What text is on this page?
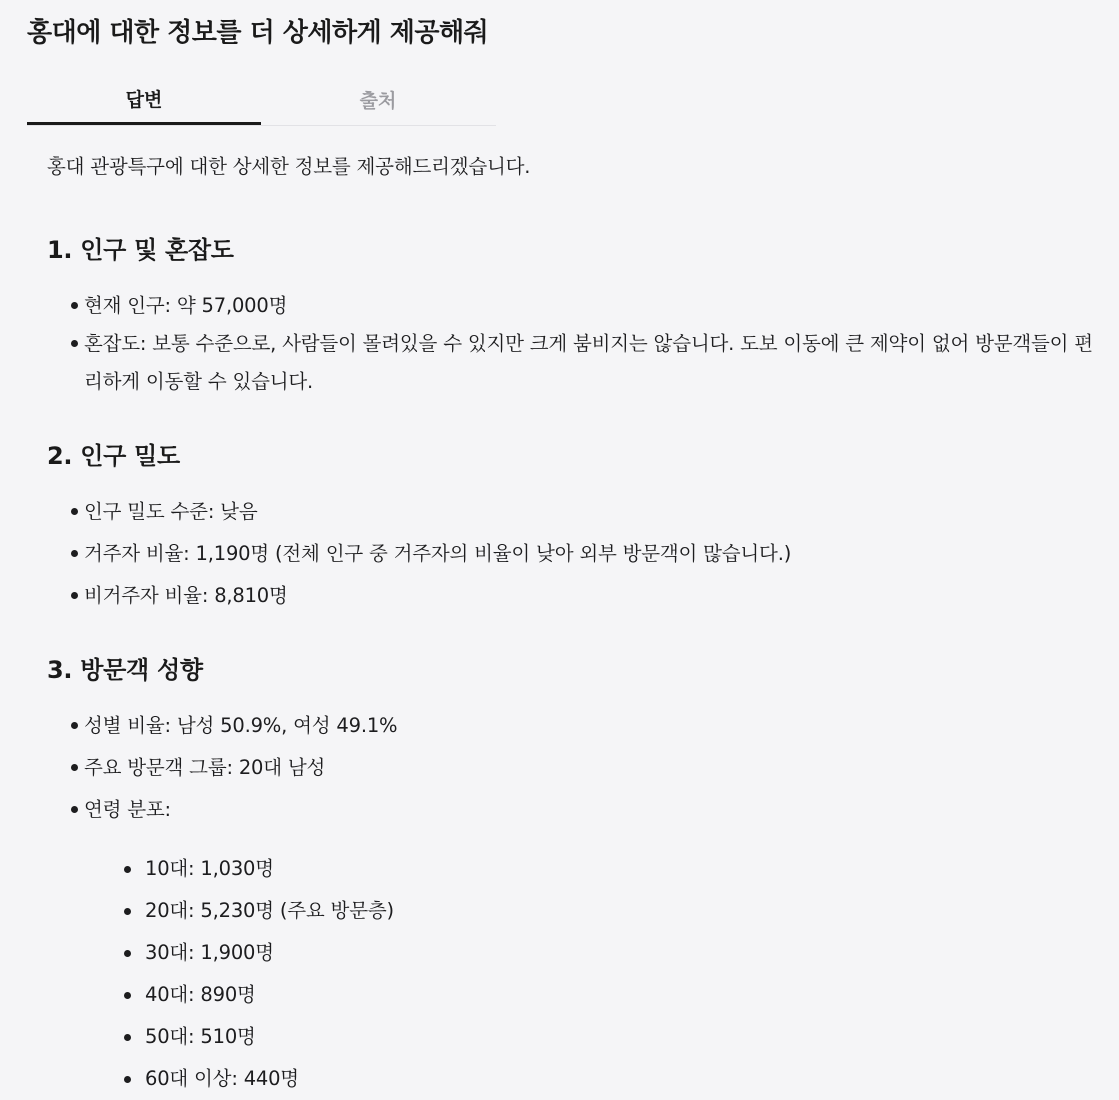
홍대에 대한 정보를 더 상세하게 제공해줘
답변	출처

홍대 관광특구에 대한 상세한 정보를 제공해드리겠습니다.

1. 인구 및 혼잡도
현재 인구: 약 57,000명
혼잡도: 보통 수준으로, 사람들이 몰려있을 수 있지만 크게 붐비지는 않습니다. 도보 이동에 큰 제약이 없어 방문객들이 편리하게 이동할 수 있습니다.
2. 인구 밀도
인구 밀도 수준: 낮음
거주자 비율: 1,190명 (전체 인구 중 거주자의 비율이 낮아 외부 방문객이 많습니다.)
비거주자 비율: 8,810명
3. 방문객 성향
성별 비율: 남성 50.9%, 여성 49.1%
주요 방문객 그룹: 20대 남성
연령 분포:
10대: 1,030명
20대: 5,230명 (주요 방문층)
30대: 1,900명
40대: 890명
50대: 510명
60대 이상: 440명
